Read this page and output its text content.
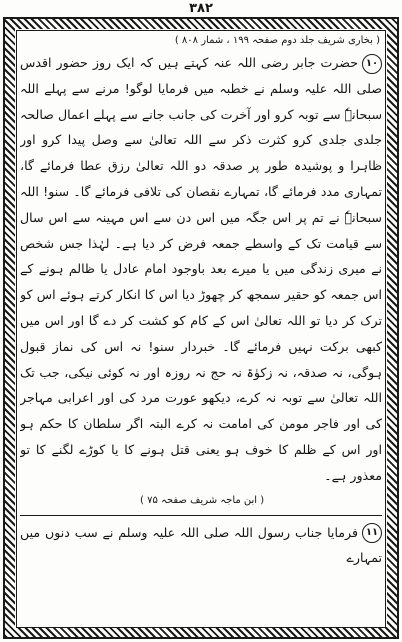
۳۸۲
( بخاری شریف جلد دوم صفحہ ۱۹۹ ، شمار ۸۰۸ )

۱۰حضرت جابر رضی اللہ عنہ کہتے ہیں کہ ایک روز حضور اقدس صلی اللہ علیہ وسلم نے خطبہ میں فرمایا لوگو! مرنے سے پہلے اللہ سبحانہٗ سے توبہ کرو اور آخرت کی جانب جانے سے پہلے اعمال صالحہ جلدی جلدی کرو کثرت ذکر سے اللہ تعالیٰ سے وصل پیدا کرو اور ظاہرا و پوشیدہ طور پر صدقہ دو اللہ تعالیٰ رزق عطا فرمائے گا، تمہاری مدد فرمائے گا، تمہارے نقصان کی تلافی فرمائے گا۔ سنو! اللہ سبحانہٗ نے تم پر اس جگہ میں اس دن سے اس مہینہ سے اس سال سے قیامت تک کے واسطے جمعہ فرض کر دیا ہے۔ لہٰذا جس شخص نے میری زندگی میں یا میرے بعد باوجود امام عادل یا ظالم ہونے کے اس جمعہ کو حقیر سمجھ کر چھوڑ دیا اس کا انکار کرتے ہوئے اس کو ترک کر دیا تو اللہ تعالیٰ اس کے کام کو کشت کر دے گا اور اس میں کبھی برکت نہیں فرمائے گا۔ خبردار سنو! نہ اس کی نماز قبول ہوگی، نہ صدقہ، نہ زکوٰۃ نہ حج نہ روزہ اور نہ کوئی نیکی، جب تک اللہ تعالیٰ سے توبہ نہ کرے، دیکھو عورت مرد کی اور اعرابی مہاجر کی اور فاجر مومن کی امامت نہ کرے البتہ اگر سلطان کا حکم ہو اور اس کے ظلم کا خوف ہو یعنی قتل ہونے کا یا کوڑے لگنے کا تو معذور ہے۔

( ابن ماجہ شریف صفحہ ۷۵ )

۱۱فرمایا جناب رسول اللہ صلی اللہ علیہ وسلم نے سب دنوں میں تمہارے
